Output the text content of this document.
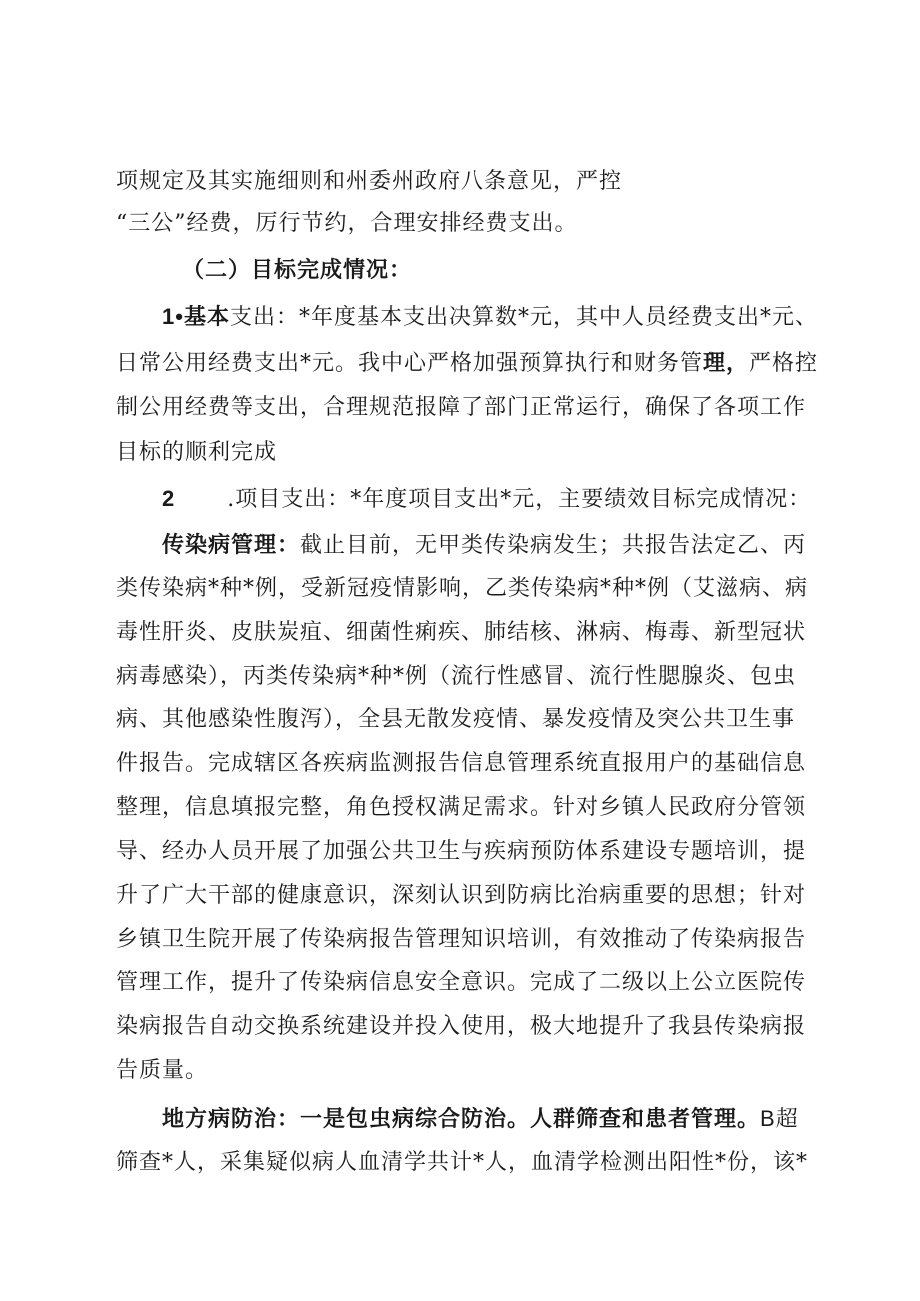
项规定及其实施细则和州委州政府八条意见，严控
“三公”经费，厉行节约，合理安排经费支出。
（二）目标完成情况：
1•基本支出：*年度基本支出决算数*元，其中人员经费支出*元、
日常公用经费支出*元。我中心严格加强预算执行和财务管理，严格控
制公用经费等支出，合理规范报障了部门正常运行，确保了各项工作
目标的顺利完成
2 .项目支出：*年度项目支出*元，主要绩效目标完成情况：
传染病管理：截止目前，无甲类传染病发生；共报告法定乙、丙
类传染病*种*例，受新冠疫情影响，乙类传染病*种*例（艾滋病、病
毒性肝炎、皮肤炭疽、细菌性痢疾、肺结核、淋病、梅毒、新型冠状
病毒感染），丙类传染病*种*例（流行性感冒、流行性腮腺炎、包虫
病、其他感染性腹泻），全县无散发疫情、暴发疫情及突公共卫生事
件报告。完成辖区各疾病监测报告信息管理系统直报用户的基础信息
整理，信息填报完整，角色授权满足需求。针对乡镇人民政府分管领
导、经办人员开展了加强公共卫生与疾病预防体系建设专题培训，提
升了广大干部的健康意识，深刻认识到防病比治病重要的思想；针对
乡镇卫生院开展了传染病报告管理知识培训，有效推动了传染病报告
管理工作，提升了传染病信息安全意识。完成了二级以上公立医院传
染病报告自动交换系统建设并投入使用，极大地提升了我县传染病报
告质量。
地方病防治：一是包虫病综合防治。人群筛查和患者管理。B超
筛查*人，采集疑似病人血清学共计*人，血清学检测出阳性*份，该*
